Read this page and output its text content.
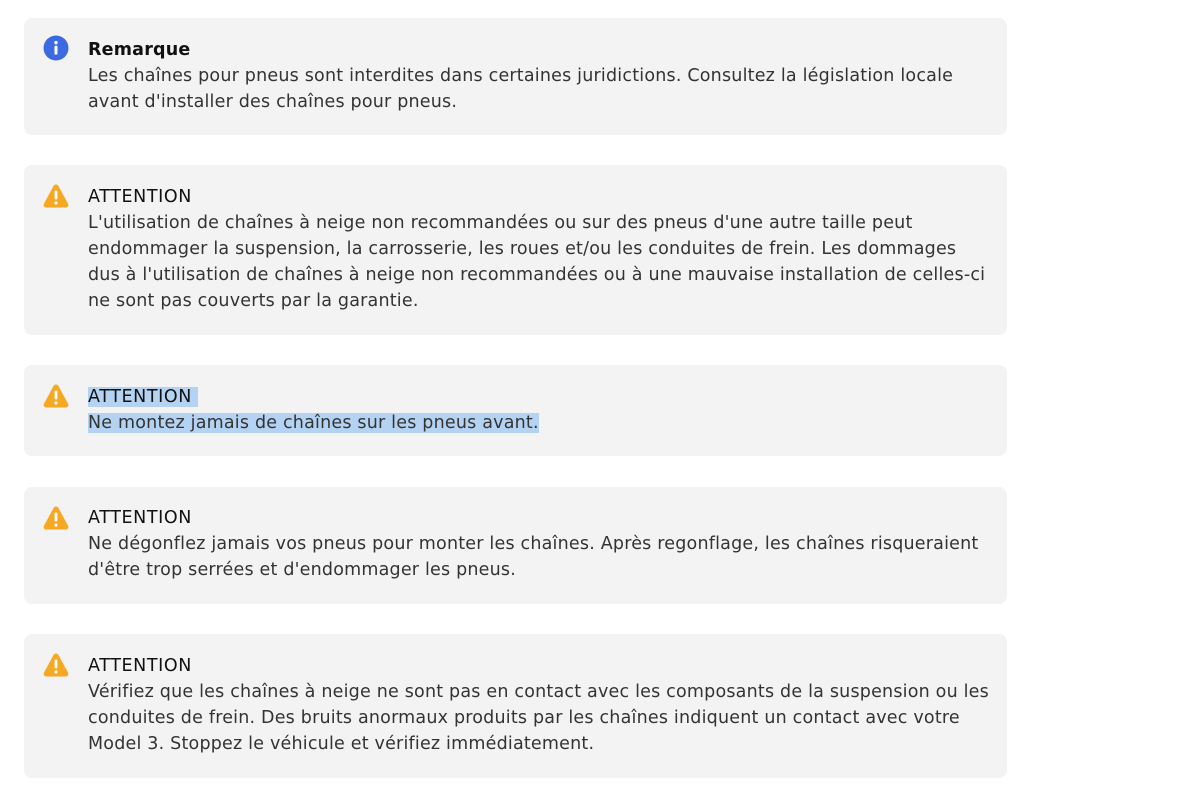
Remarque
Les chaînes pour pneus sont interdites dans certaines juridictions. Consultez la législation locale avant d'installer des chaînes pour pneus.
ATTENTION
L'utilisation de chaînes à neige non recommandées ou sur des pneus d'une autre taille peut endommager la suspension, la carrosserie, les roues et/ou les conduites de frein. Les dommages dus à l'utilisation de chaînes à neige non recommandées ou à une mauvaise installation de celles-ci ne sont pas couverts par la garantie.
ATTENTION
Ne montez jamais de chaînes sur les pneus avant.
ATTENTION
Ne dégonflez jamais vos pneus pour monter les chaînes. Après regonflage, les chaînes risqueraient d'être trop serrées et d'endommager les pneus.
ATTENTION
Vérifiez que les chaînes à neige ne sont pas en contact avec les composants de la suspension ou les conduites de frein. Des bruits anormaux produits par les chaînes indiquent un contact avec votre Model 3. Stoppez le véhicule et vérifiez immédiatement.
